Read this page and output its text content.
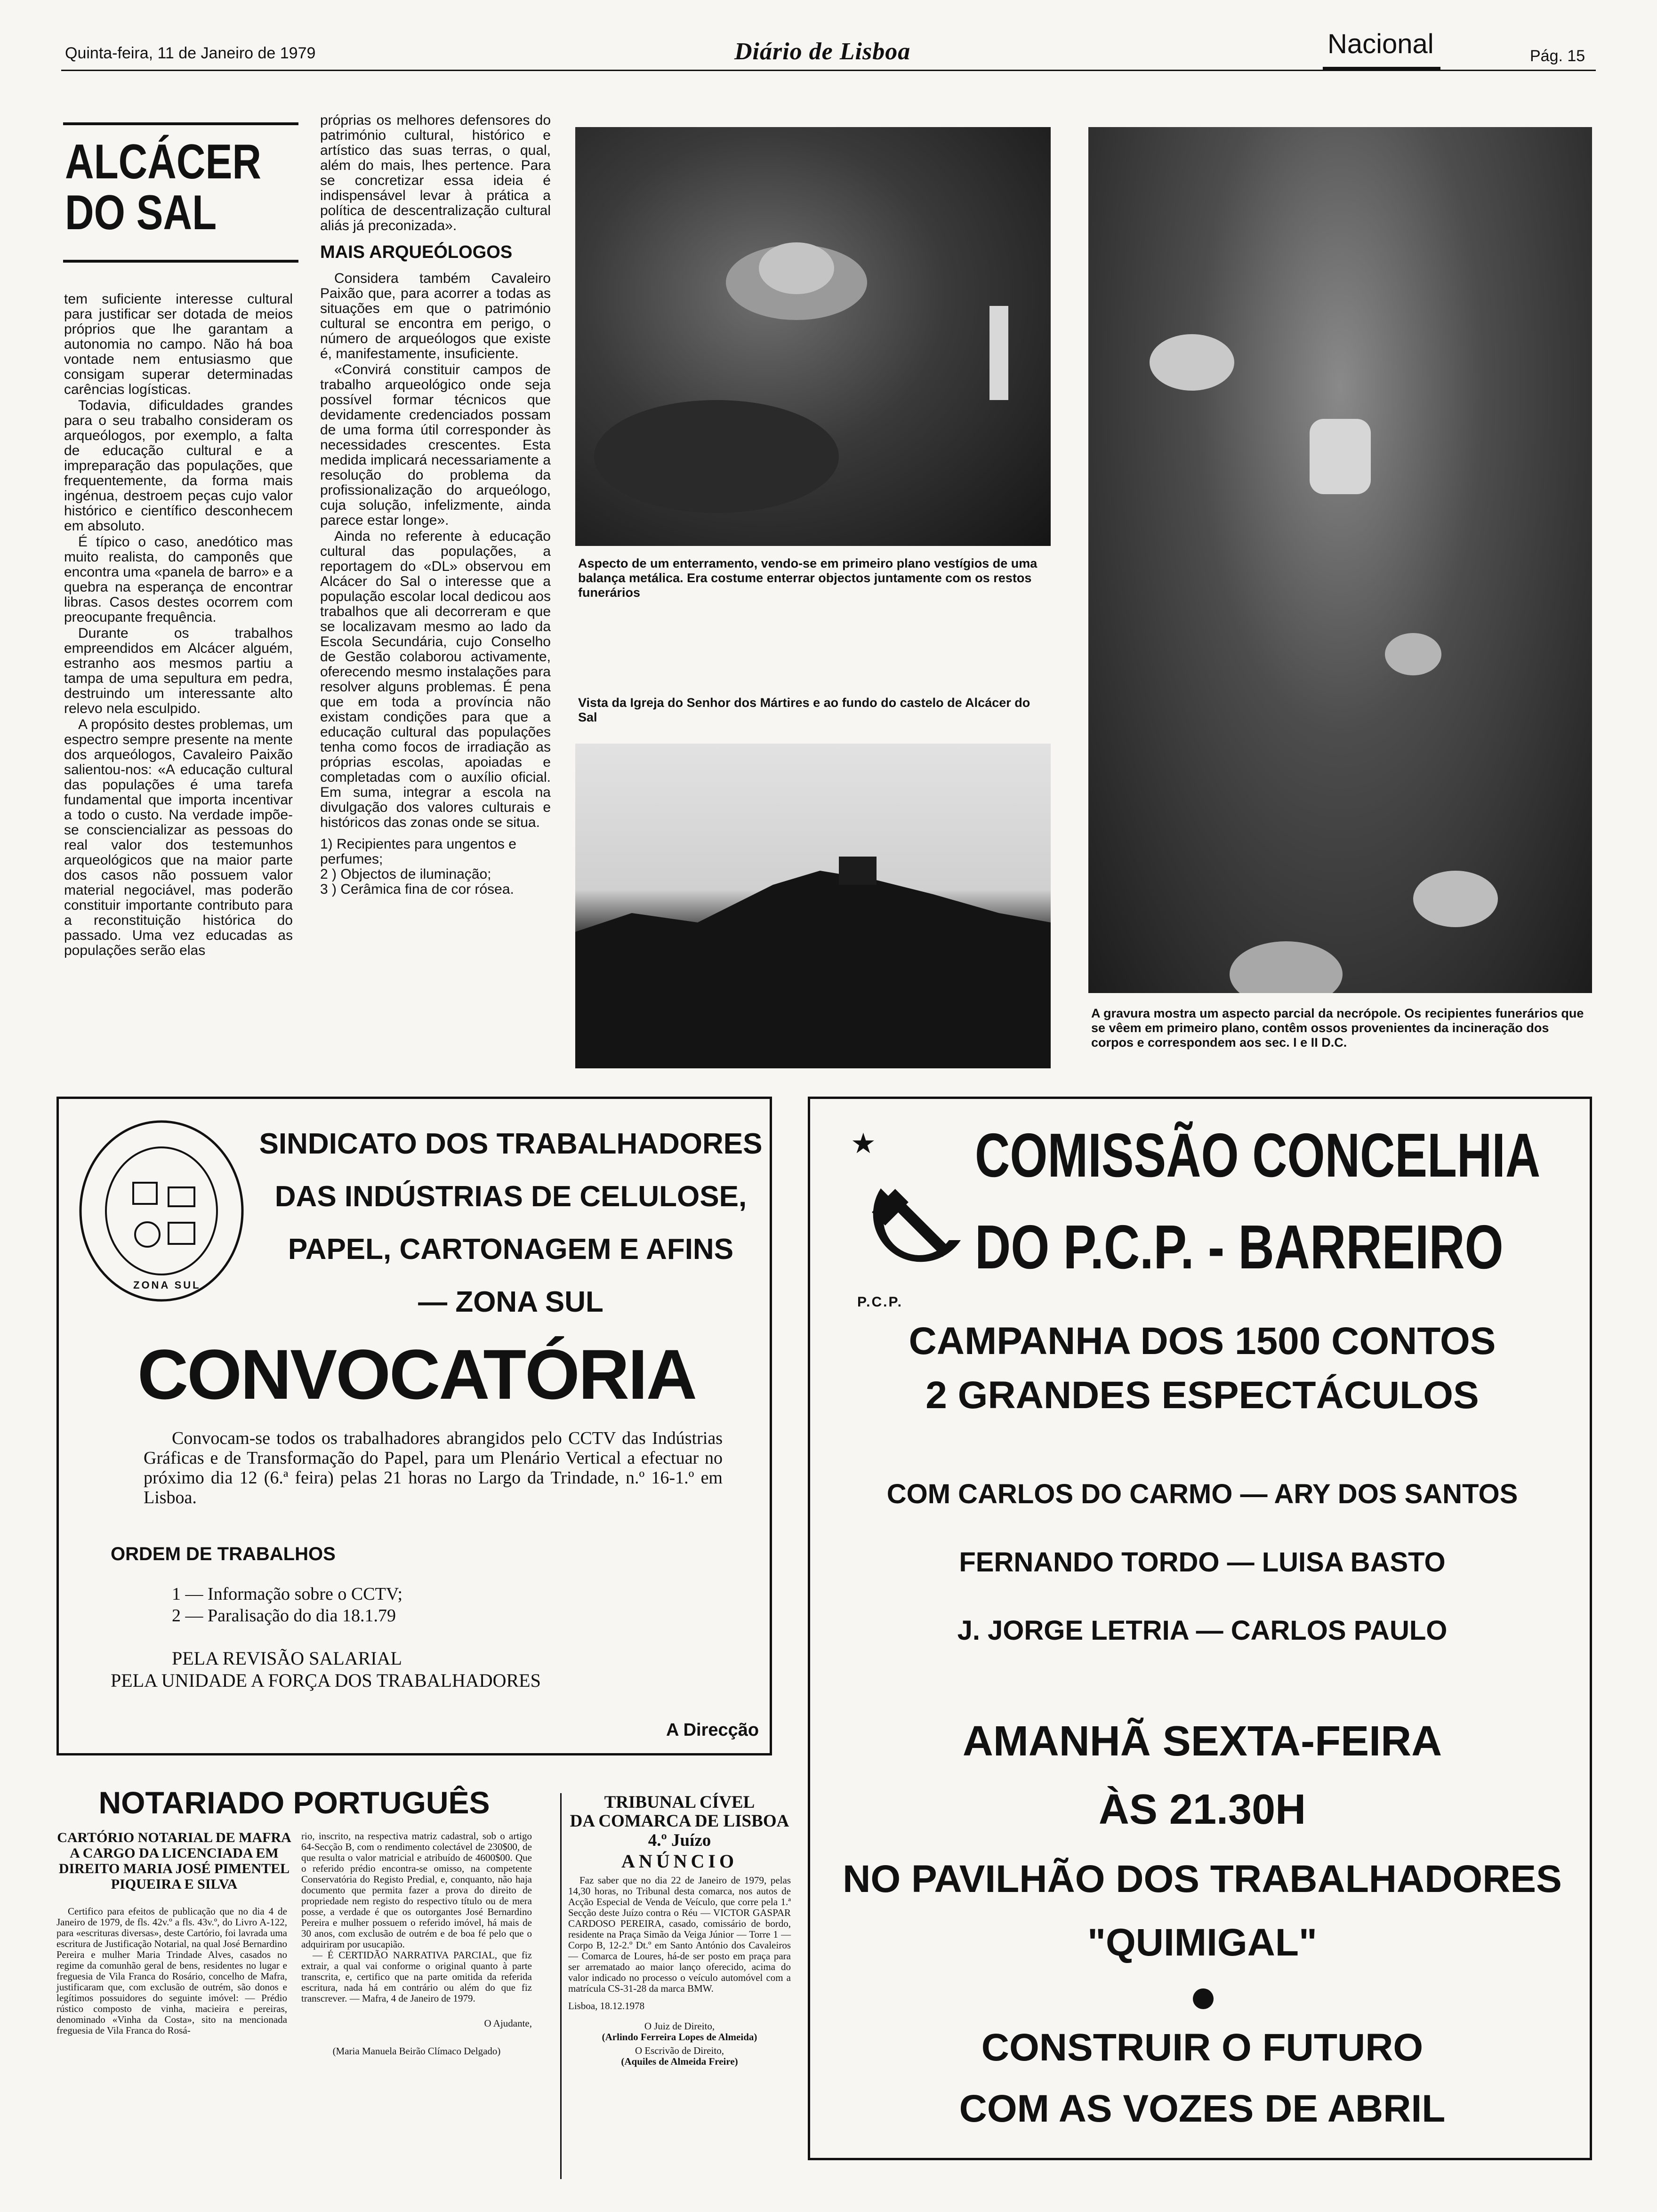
Quinta-feira, 11 de Janeiro de 1979	Diário de Lisboa	Nacional	Pág. 15
ALCÁCER
DO SAL

tem suficiente interesse cultural para justificar ser dotada de meios próprios que lhe garantam a autonomia no campo. Não há boa vontade nem entusiasmo que consigam superar determinadas carências logísticas.

Todavia, dificuldades grandes para o seu trabalho consideram os arqueólogos, por exemplo, a falta de educação cultural e a impreparação das populações, que frequentemente, da forma mais ingénua, destroem peças cujo valor histórico e científico desconhecem em absoluto.

É típico o caso, anedótico mas muito realista, do camponês que encontra uma «panela de barro» e a quebra na esperança de encontrar libras. Casos destes ocorrem com preocupante frequência.

Durante os trabalhos empreendidos em Alcácer alguém, estranho aos mesmos partiu a tampa de uma sepultura em pedra, destruindo um interessante alto relevo nela esculpido.

A propósito destes problemas, um espectro sempre presente na mente dos arqueólogos, Cavaleiro Paixão salientou-nos: «A educação cultural das populações é uma tarefa fundamental que importa incentivar a todo o custo. Na verdade impõe-se consciencializar as pessoas do real valor dos testemunhos arqueológicos que na maior parte dos casos não possuem valor material negociável, mas poderão constituir importante contributo para a reconstituição histórica do passado. Uma vez educadas as populações serão elas

próprias os melhores defensores do património cultural, histórico e artístico das suas terras, o qual, além do mais, lhes pertence. Para se concretizar essa ideia é indispensável levar à prática a política de descentralização cultural aliás já preconizada».

MAIS ARQUEÓLOGOS

Considera também Cavaleiro Paixão que, para acorrer a todas as situações em que o património cultural se encontra em perigo, o número de arqueólogos que existe é, manifestamente, insuficiente.

«Convirá constituir campos de trabalho arqueológico onde seja possível formar técnicos que devidamente credenciados possam de uma forma útil corresponder às necessidades crescentes. Esta medida implicará necessariamente a resolução do problema da profissionalização do arqueólogo, cuja solução, infelizmente, ainda parece estar longe».

Ainda no referente à educação cultural das populações, a reportagem do «DL» observou em Alcácer do Sal o interesse que a população escolar local dedicou aos trabalhos que ali decorreram e que se localizavam mesmo ao lado da Escola Secundária, cujo Conselho de Gestão colaborou activamente, oferecendo mesmo instalações para resolver alguns problemas. É pena que em toda a província não existam condições para que a educação cultural das populações tenha como focos de irradiação as próprias escolas, apoiadas e completadas com o auxílio oficial. Em suma, integrar a escola na divulgação dos valores culturais e históricos das zonas onde se situa.

1) Recipientes para ungentos e perfumes;
2 ) Objectos de iluminação;
3 ) Cerâmica fina de cor rósea.
Aspecto de um enterramento, vendo-se em primeiro plano vestígios de uma balança metálica. Era costume enterrar objectos juntamente com os restos funerários
Vista da Igreja do Senhor dos Mártires e ao fundo do castelo de Alcácer do Sal
A gravura mostra um aspecto parcial da necrópole. Os recipientes funerários que se vêem em primeiro plano, contêm ossos provenientes da incineração dos corpos e correspondem aos sec. I e II D.C.
ZONA SUL
SINDICATO DOS TRABALHADORES
DAS INDÚSTRIAS DE CELULOSE,
PAPEL, CARTONAGEM E AFINS
— ZONA SUL
CONVOCATÓRIA
Convocam-se todos os trabalhadores abrangidos pelo CCTV das Indústrias Gráficas e de Transformação do Papel, para um Plenário Vertical a efectuar no próximo dia 12 (6.ª feira) pelas 21 horas no Largo da Trindade, n.º 16-1.º em Lisboa.
ORDEM DE TRABALHOS
1 — Informação sobre o CCTV;
2 — Paralisação do dia 18.1.79
PELA REVISÃO SALARIAL
PELA UNIDADE A FORÇA DOS TRABALHADORES
A Direcção
★
P.C.P.
COMISSÃO CONCELHIA
DO P.C.P. - BARREIRO
CAMPANHA DOS 1500 CONTOS
2 GRANDES ESPECTÁCULOS
COM CARLOS DO CARMO — ARY DOS SANTOS
FERNANDO TORDO — LUISA BASTO
J. JORGE LETRIA — CARLOS PAULO
AMANHÃ SEXTA-FEIRA
ÀS 21.30H
NO PAVILHÃO DOS TRABALHADORES
"QUIMIGAL"
CONSTRUIR O FUTURO
COM AS VOZES DE ABRIL
NOTARIADO PORTUGUÊS
CARTÓRIO NOTARIAL DE MAFRA A CARGO DA LICENCIADA EM DIREITO MARIA JOSÉ PIMENTEL PIQUEIRA E SILVA
Certifico para efeitos de publicação que no dia 4 de Janeiro de 1979, de fls. 42v.º a fls. 43v.º, do Livro A-122, para «escrituras diversas», deste Cartório, foi lavrada uma escritura de Justificação Notarial, na qual José Bernardino Pereira e mulher Maria Trindade Alves, casados no regime da comunhão geral de bens, residentes no lugar e freguesia de Vila Franca do Rosário, concelho de Mafra, justificaram que, com exclusão de outrém, são donos e legítimos possuidores do seguinte imóvel: — Prédio rústico composto de vinha, macieira e pereiras, denominado «Vinha da Costa», sito na mencionada freguesia de Vila Franca do Rosá-
rio, inscrito, na respectiva matriz cadastral, sob o artigo 64-Secção B, com o rendimento colectável de 230$00, de que resulta o valor matricial e atribuído de 4600$00. Que o referido prédio encontra-se omisso, na competente Conservatória do Registo Predial, e, conquanto, não haja documento que permita fazer a prova do direito de propriedade nem registo do respectivo título ou de mera posse, a verdade é que os outorgantes José Bernardino Pereira e mulher possuem o referido imóvel, há mais de 30 anos, com exclusão de outrém e de boa fé pelo que o adquiriram por usucapião.
— É CERTIDÃO NARRATIVA PARCIAL, que fiz extrair, a qual vai conforme o original quanto à parte transcrita, e, certifico que na parte omitida da referida escritura, nada há em contrário ou além do que fiz transcrever. — Mafra, 4 de Janeiro de 1979.
O Ajudante,
(Maria Manuela Beirão Clímaco Delgado)
TRIBUNAL CÍVEL
DA COMARCA DE LISBOA
4.º Juízo
ANÚNCIO
Faz saber que no dia 22 de Janeiro de 1979, pelas 14,30 horas, no Tribunal desta comarca, nos autos de Acção Especial de Venda de Veículo, que corre pela 1.ª Secção deste Juízo contra o Réu — VICTOR GASPAR CARDOSO PEREIRA, casado, comissário de bordo, residente na Praça Simão da Veiga Júnior — Torre 1 — Corpo B, 12-2.º Dt.º em Santo António dos Cavaleiros — Comarca de Loures, há-de ser posto em praça para ser arrematado ao maior lanço oferecido, acima do valor indicado no processo o veículo automóvel com a matrícula CS-31-28 da marca BMW.
Lisboa, 18.12.1978
O Juiz de Direito,
(Arlindo Ferreira Lopes de Almeida)
O Escrivão de Direito,
(Aquiles de Almeida Freire)
